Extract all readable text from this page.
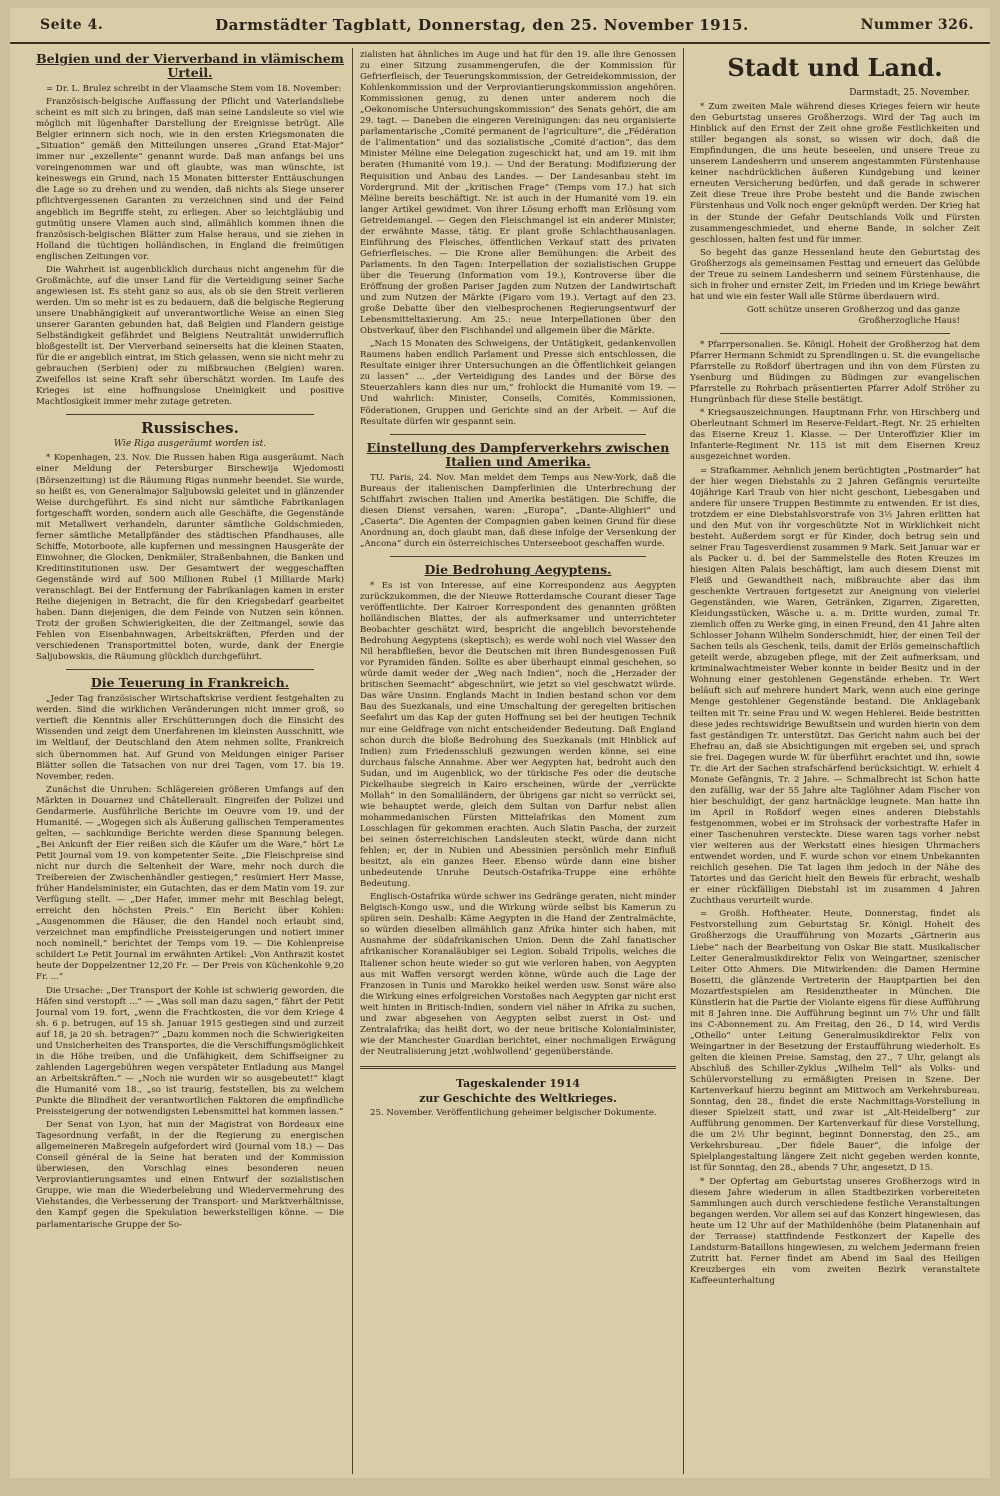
Seite 4.	Darmstädter Tagblatt, Donnerstag, den 25. November 1915.	Nummer 326.
Belgien und der Vierverband in vlämischem Urteil.

= Dr. L. Brulez schreibt in der Vlaamsche Stem vom 18. November:

Französisch-belgische Auffassung der Pflicht und Vaterlandsliebe scheint es mit sich zu bringen, daß man seine Landsleute so viel wie möglich mit lügenhafter Darstellung der Ereignisse betrügt. Alle Belgier erinnern sich noch, wie in den ersten Kriegsmonaten die „Situation“ gemäß den Mitteilungen unseres „Grand Etat-Major“ immer nur „exzellente“ genannt wurde. Daß man anfangs bei uns voreingenommen war und oft glaubte, was man wünschte, ist keineswegs ein Grund, nach 15 Monaten bitterster Enttäuschungen die Lage so zu drehen und zu wenden, daß nichts als Siege unserer pflichtvergessenen Garanten zu verzeichnen sind und der Feind angeblich im Begriffe steht, zu erliegen. Aber so leichtgläubig und gutmütig unsere Vlamen auch sind, allmählich kommen ihnen die französisch-belgischen Blätter zum Halse heraus, und sie ziehen in Holland die tüchtigen holländischen, in England die freimütigen englischen Zeitungen vor.

Die Wahrheit ist augenblicklich durchaus nicht angenehm für die Großmächte, auf die unser Land für die Verteidigung seiner Sache angewiesen ist. Es steht ganz so aus, als ob sie den Streit verlieren werden. Um so mehr ist es zu bedauern, daß die belgische Regierung unsere Unabhängigkeit auf unverantwortliche Weise an einen Sieg unserer Garanten gebunden hat, daß Belgien und Flandern geistige Selbständigkeit gefährdet und Belgiens Neutralität unwiderruflich bloßgestellt ist. Der Vierverband seinerseits hat die kleinen Staaten, für die er angeblich eintrat, im Stich gelassen, wenn sie nicht mehr zu gebrauchen (Serbien) oder zu mißbrauchen (Belgien) waren. Zweifellos ist seine Kraft sehr überschätzt worden. Im Laufe des Krieges ist eine hoffnungslose Uneinigkeit und positive Machtlosigkeit immer mehr zutage getreten.

Russisches.
Wie Riga ausgeräumt worden ist.

* Kopenhagen, 23. Nov. Die Russen haben Riga ausgeräumt. Nach einer Meldung der Petersburger Birschewija Wjedomosti (Börsenzeitung) ist die Räumung Rigas nunmehr beendet. Sie wurde, so heißt es, von Generalmajor Saljubowski geleitet und in glänzender Weise durchgeführt. Es sind nicht nur sämtliche Fabrikanlagen fortgeschafft worden, sondern auch alle Geschäfte, die Gegenstände mit Metallwert verhandeln, darunter sämtliche Goldschmieden, ferner sämtliche Metallpfänder des städtischen Pfandhauses, alle Schiffe, Motorboote, alle kupfernen und messingnen Hausgeräte der Einwohner, die Glocken, Denkmäler, Straßenbahnen, die Banken und Kreditinstitutionen usw. Der Gesamtwert der weggeschafften Gegenstände wird auf 500 Millionen Rubel (1 Milliarde Mark) veranschlagt. Bei der Entfernung der Fabrikanlagen kamen in erster Reihe diejenigen in Betracht, die für den Kriegsbedarf gearbeitet haben. Dann diejenigen, die dem Feinde von Nutzen sein können. Trotz der großen Schwierigkeiten, die der Zeitmangel, sowie das Fehlen von Eisenbahnwagen, Arbeitskräften, Pferden und der verschiedenen Transportmittel boten, wurde, dank der Energie Saljubowskis, die Räumung glücklich durchgeführt.

Die Teuerung in Frankreich.

„Jeder Tag französischer Wirtschaftskrise verdient festgehalten zu werden. Sind die wirklichen Veränderungen nicht immer groß, so vertieft die Kenntnis aller Erschütterungen doch die Einsicht des Wissenden und zeigt dem Unerfahrenen im kleinsten Ausschnitt, wie im Weltlauf, der Deutschland den Atem nehmen sollte, Frankreich sich übernommen hat. Auf Grund von Meldungen einiger Pariser Blätter sollen die Tatsachen von nur drei Tagen, vom 17. bis 19. November, reden.

Zunächst die Unruhen: Schlägereien größeren Umfangs auf den Märkten in Douarnez und Châtellerault. Eingreifen der Polizei und Gendarmerie. Ausführliche Berichte im Oeuvre vom 19. und der Humanité. — „Wogegen sich als Äußerung gallischen Temperamentes gelten, — sachkundige Berichte werden diese Spannung belegen. „Bei Ankunft der Eier reißen sich die Käufer um die Ware,“ hört Le Petit Journal vom 19. von kompetenter Seite. „Die Fleischpreise sind nicht nur durch die Seltenheit der Ware, mehr noch durch die Treibereien der Zwischenhändler gestiegen,“ resümiert Herr Masse, früher Handelsminister, ein Gutachten, das er dem Matin vom 19. zur Verfügung stellt. — „Der Hafer, immer mehr mit Beschlag belegt, erreicht den höchsten Preis.“ Ein Bericht über Kohlen: „Ausgenommen die Häuser, die den Handel noch erlaubt sind, verzeichnet man empfindliche Preissteigerungen und notiert immer noch nominell,“ berichtet der Temps vom 19. — Die Kohlenpreise schildert Le Petit Journal im erwähnten Artikel: „Von Anthrazit kostet heute der Doppelzentner 12,20 Fr. — Der Preis von Küchenkohle 9,20 Fr. ...“

Die Ursache: „Der Transport der Kohle ist schwierig geworden, die Häfen sind verstopft ...“ — „Was soll man dazu sagen,“ fährt der Petit Journal vom 19. fort, „wenn die Frachtkosten, die vor dem Kriege 4 sh. 6 p. betrugen, auf 15 sh. Januar 1915 gestiegen sind und zurzeit auf 18, ja 20 sh. betragen?“ „Dazu kommen noch die Schwierigkeiten und Unsicherheiten des Transportes, die die Verschiffungsmöglichkeit in die Höhe treiben, und die Unfähigkeit, dem Schiffseigner zu zahlenden Lagergebühren wegen verspäteter Entladung aus Mangel an Arbeitskräften.“ — „Noch nie wurden wir so ausgebeutet!“ klagt die Humanité vom 18., „so ist traurig, feststellen, bis zu welchem Punkte die Blindheit der verantwortlichen Faktoren die empfindliche Preissteigerung der notwendigsten Lebensmittel hat kommen lassen.“

Der Senat von Lyon, hat nun der Magistrat von Bordeaux eine Tagesordnung verfaßt, in der die Regierung zu energischen allgemeineren Maßregeln aufgefordert wird (Journal vom 18.) — Das Conseil général de la Seine hat beraten und der Kommission überwiesen, den Vorschlag eines besonderen neuen Verproviantierungsamtes und einen Entwurf der sozialistischen Gruppe, wie man die Wiederbelebung und Wiedervermehrung des Viehstandes, die Verbesserung der Transport- und Marktverhältnisse, den Kampf gegen die Spekulation bewerkstelligen könne. — Die parlamentarische Gruppe der So-

zialisten hat ähnliches im Auge und hat für den 19. alle ihre Genossen zu einer Sitzung zusammengerufen, die der Kommission für Gefrierfleisch, der Teuerungskommission, der Getreidekommission, der Kohlenkommission und der Verproviantierungskommission angehören. Kommissionen genug, zu denen unter anderem noch die „Oekonomische Untersuchungskommission“ des Senats gehört, die am 29. tagt. — Daneben die eingeren Vereinigungen: das neu organisierte parlamentarische „Comité permanent de l’agriculture“, die „Fédération de l’alimentation“ und das sozialistische „Comité d’action“, das dem Minister Méline eine Delegation zugeschickt hat, und am 19. mit ihm beraten (Humanité vom 19.). — Und der Beratung: Modifizierung der Requisition und Anbau des Landes. — Der Landesanbau steht im Vordergrund. Mit der „kritischen Frage“ (Temps vom 17.) hat sich Méline bereits beschäftigt. Nr. ist auch in der Humanité vom 19. ein langer Artikel gewidmet. Von ihrer Lösung erhofft man Erlösung vom Getreidemangel. — Gegen den Fleischmangel ist ein anderer Minister, der erwähnte Masse, tätig. Er plant große Schlachthausanlagen. Einführung des Fleisches, öffentlichen Verkauf statt des privaten Gefrierfleisches. — Die Krone aller Bemühungen: die Arbeit des Parlaments. In den Tagen: Interpellation der sozialistischen Gruppe über die Teuerung (Information vom 19.), Kontroverse über die Eröffnung der großen Pariser Jagden zum Nutzen der Landwirtschaft und zum Nutzen der Märkte (Figaro vom 19.). Vertagt auf den 23. große Debatte über den vielbesprochenen Regierungsentwurf der Lebensmitteltaxierung. Am 25.: neue Interpellationen über den Obstverkauf, über den Fischhandel und allgemein über die Märkte.

„Nach 15 Monaten des Schweigens, der Untätigkeit, gedankenvollen Raumens haben endlich Parlament und Presse sich entschlossen, die Resultate einiger ihrer Untersuchungen an die Öffentlichkeit gelangen zu lassen“ ... „der Verteidigung des Landes und der Börse des Steuerzahlers kann dies nur um,“ frohlockt die Humanité vom 19. — Und wahrlich: Minister, Conseils, Comités, Kommissionen, Föderationen, Gruppen und Gerichte sind an der Arbeit. — Auf die Resultate dürfen wir gespannt sein.

Einstellung des Dampferverkehrs zwischen Italien und Amerika.

TU. Paris, 24. Nov. Man meldet dem Temps aus New-York, daß die Bureaus der italienischen Dampferlinien die Unterbrechung der Schiffahrt zwischen Italien und Amerika bestätigen. Die Schiffe, die diesen Dienst versahen, waren: „Europa“, „Dante-Alighieri“ und „Caserta“. Die Agenten der Compagnien gaben keinen Grund für diese Anordnung an, doch glaubt man, daß diese infolge der Versenkung der „Ancona“ durch ein österreichisches Unterseeboot geschaffen wurde.

Die Bedrohung Aegyptens.

* Es ist von Interesse, auf eine Korrespondenz aus Aegypten zurückzukommen, die der Nieuwe Rotterdamsche Courant dieser Tage veröffentlichte. Der Kairoer Korrespondent des genannten größten holländischen Blattes, der als aufmerksamer und unterrichteter Beobachter geschätzt wird, bespricht die angeblich bevorstehende Bedrohung Aegyptens (skeptisch); es werde wohl noch viel Wasser den Nil herabfließen, bevor die Deutschen mit ihren Bundesgenossen Fuß vor Pyramiden fänden. Sollte es aber überhaupt einmal geschehen, so würde damit weder der „Weg nach Indien“, noch die „Herzader der britischen Seemacht“ abgeschnürt, wie jetzt so viel geschwatzt würde. Das wäre Unsinn. Englands Macht in Indien bestand schon vor dem Bau des Suezkanals, und eine Umschaltung der geregelten britischen Seefahrt um das Kap der guten Hoffnung sei bei der heutigen Technik nur eine Geldfrage von nicht entscheidender Bedeutung. Daß England schon durch die bloße Bedrohung des Suezkanals (mit Hinblick auf Indien) zum Friedensschluß gezwungen werden könne, sei eine durchaus falsche Annahme. Aber wer Aegypten hat, bedroht auch den Sudan, und im Augenblick, wo der türkische Fes oder die deutsche Pickelhaube siegreich in Kairo erscheinen, würde der „verrückte Mollah“ in den Somaliländern, der übrigens gar nicht so verrückt sei, wie behauptet werde, gleich dem Sultan von Darfur nebst allen mohammedanischen Fürsten Mittelafrikas den Moment zum Losschlagen für gekommen erachten. Auch Slatin Pascha, der zurzeit bei seinen österreichischen Landsleuten steckt, würde dann nicht fehlen; er, der in Nubien und Abessinien persönlich mehr Einfluß besitzt, als ein ganzes Heer. Ebenso würde dann eine bisher unbedeutende Unruhe Deutsch-Ostafrika-Truppe eine erhöhte Bedeutung.

Englisch-Ostafrika würde schwer ins Gedränge geraten, nicht minder Belgisch-Kongo usw., und die Wirkung würde selbst bis Kamerun zu spüren sein. Deshalb: Käme Aegypten in die Hand der Zentralmächte, so würden dieselben allmählich ganz Afrika hinter sich haben, mit Ausnahme der südafrikanischen Union. Denn die Zahl fanatischer afrikanischer Koranaläubiger sei Legion. Sobald Tripolis, welches die Italiener schon heute wieder so gut wie verloren haben, von Aegypten aus mit Waffen versorgt werden könne, würde auch die Lage der Franzosen in Tunis und Marokko heikel werden usw. Sonst wäre also die Wirkung eines erfolgreichen Vorstoßes nach Aegypten gar nicht erst weit hinten in Britisch-Indien, sondern viel näher in Afrika zu suchen, und zwar abgesehen von Aegypten selbst zuerst in Ost- und Zentralafrika; das heißt dort, wo der neue britische Kolonialminister, wie der Manchester Guardian berichtet, einer nochmaligen Erwägung der Neutralisierung jetzt ‚wohlwollend‘ gegenüberstände.

Tageskalender 1914
zur Geschichte des Weltkrieges.

25. November. Veröffentlichung geheimer belgischer Dokumente.

Stadt und Land.
Darmstadt, 25. November.

* Zum zweiten Male während dieses Krieges feiern wir heute den Geburtstag unseres Großherzogs. Wird der Tag auch im Hinblick auf den Ernst der Zeit ohne große Festlichkeiten und stiller begangen als sonst, so wissen wir doch, daß die Empfindungen, die uns heute beseelen, und unsere Treue zu unserem Landesherrn und unserem angestammten Fürstenhause keiner nachdrücklichen äußeren Kundgebung und keiner erneuten Versicherung bedürfen, und daß gerade in schwerer Zeit diese Treue ihre Probe besteht und die Bande zwischen Fürstenhaus und Volk noch enger geknüpft werden. Der Krieg hat in der Stunde der Gefahr Deutschlands Volk und Fürsten zusammengeschmiedet, und eherne Bande, in solcher Zeit geschlossen, halten fest und für immer.

So begeht das ganze Hessenland heute den Geburtstag des Großherzogs als gemeinsamen Festtag und erneuert das Gelübde der Treue zu seinem Landesherrn und seinem Fürstenhause, die sich in froher und ernster Zeit, im Frieden und im Kriege bewährt hat und wie ein fester Wall alle Stürme überdauern wird.

Gott schütze unseren Großherzog und das ganze Großherzogliche Haus!

* Pfarrpersonalien. Se. Königl. Hoheit der Großherzog hat dem Pfarrer Hermann Schmidt zu Sprendlingen u. St. die evangelische Pfarrstelle zu Roßdorf übertragen und ihn von dem Fürsten zu Ysenburg und Büdingen zu Büdingen zur evangelischen Pfarrstelle zu Rohrbach präsentierten Pfarrer Adolf Ströher zu Hungrünbach für diese Stelle bestätigt.

* Kriegsauszeichnungen. Hauptmann Frhr. von Hirschberg und Oberleutnant Schmerl im Reserve-Feldart.-Regt. Nr. 25 erhielten das Eiserne Kreuz 1. Klasse. — Der Unteroffizier Klier im Infanterie-Regiment Nr. 115 ist mit dem Eisernen Kreuz ausgezeichnet worden.

= Strafkammer. Aehnlich jenem berüchtigten „Postmarder“ hat der hier wegen Diebstahls zu 2 Jahren Gefängnis verurteilte 40jährige Karl Traub von hier nicht geschont, Liebesgaben und andere für unsere Truppen Bestimmte zu entwenden. Er ist dies, trotzdem er eine Diebstahlsvorstrafe von 3½ Jahren erlitten hat und den Mut von ihr vorgeschützte Not in Wirklichkeit nicht besteht. Außerdem sorgt er für Kinder, doch betrug sein und seiner Frau Tagesverdienst zusammen 9 Mark. Seit Januar war er als Packer u. d. bei der Sammelstelle des Roten Kreuzes im hiesigen Alten Palais beschäftigt, lam auch diesem Dienst mit Fleiß und Gewandtheit nach, mißbrauchte aber das ihm geschenkte Vertrauen fortgesetzt zur Aneignung von vielerlei Gegenständen, wie Waren, Getränken, Zigarren, Zigaretten, Kleidungsstücken, Wäsche u. a. m. Dritte wurden, zumal Tr. ziemlich offen zu Werke ging, in einen Freund, den 41 Jahre alten Schlosser Johann Wilhelm Sonderschmidt, hier, der einen Teil der Sachen teils als Geschenk, teils, damit der Erlös gemeinschaftlich geteilt werde, abzugeben pflege, mit der Zeit aufmerksam, und kriminalwachtmeister Weber konnte in beider Besitz und in der Wohnung einer gestohlenen Gegenstände erheben. Tr. Wert beläuft sich auf mehrere hundert Mark, wenn auch eine geringe Menge gestohlener Gegenstände bestand. Die Anklagebank teilten mit Tr. seine Frau und W. wegen Hehlerei. Beide bestritten diese jedes rechtswidrige Bewußtsein und wurden hierin von dem fast geständigen Tr. unterstützt. Das Gericht nahm auch bei der Ehefrau an, daß sie Absichtigungen mit ergeben sei, und sprach sie frei. Dagegen wurde W. für überführt erachtet und ihn, sowie Tr. die Art der Sachen strafschärfend berücksichtigt. W. erhielt 4 Monate Gefängnis, Tr. 2 Jahre. — Schmalbrecht ist Schon hatte den zufällig, war der 55 Jahre alte Taglöhner Adam Fischer von hier beschuldigt, der ganz hartnäckige leugnete. Man hatte ihn im April in Roßdorf wegen eines anderen Diebstahls festgenommen, wobei er im Strohsack der vorbestrafte Hafer in einer Taschenuhren versteckte. Diese waren tags vorher nebst vier weiteren aus der Werkstatt eines hiesigen Uhrmachers entwendet worden, und F. wurde schon vor einem Unbekannten reichlich gesehen. Die Tat lagen ihm jedoch in der Nähe des Tatortes und das Gericht hielt den Beweis für erbracht, weshalb er einer rückfälligen Diebstahl ist im zusammen 4 Jahren Zuchthaus verurteilt wurde.

= Großh. Hoftheater. Heute, Donnerstag, findet als Festvorstellung zum Geburtstag Sr. Königl. Hoheit des Großherzogs die Uraufführung von Mozarts „Gärtnerin aus Liebe“ nach der Bearbeitung von Oskar Bie statt. Musikalischer Leiter Generalmusikdirektor Felix von Weingartner, szenischer Leiter Otto Ahmers. Die Mitwirkenden: die Damen Hermine Bosetti, die glänzende Vertreterin der Hauptpartien bei den Mozartfestspielen am Residenztheater in München. Die Künstlerin hat die Partie der Violante eigens für diese Aufführung mit 8 Jahren inne. Die Aufführung beginnt um 7½ Uhr und fällt ins C-Abonnement zu. Am Freitag, den 26., D 14, wird Verdis „Othello“ unter Leitung Generalmusikdirektor Felix von Weingartner in der Besetzung der Erstaufführung wiederholt. Es gelten die kleinen Preise. Samstag, den 27., 7 Uhr, gelangt als Abschluß des Schiller-Zyklus „Wilhelm Tell“ als Volks- und Schülervorstellung zu ermäßigten Preisen in Szene. Der Kartenverkauf hierzu beginnt am Mittwoch am Verkehrsbureau. Sonntag, den 28., findet die erste Nachmittags-Vorstellung in dieser Spielzeit statt, und zwar ist „Alt-Heidelberg“ zur Aufführung genommen. Der Kartenverkauf für diese Vorstellung, die um 2½ Uhr beginnt, beginnt Donnerstag, den 25., am Verkehrsbureau. „Der fidele Bauer“, die infolge der Spielplangestaltung längere Zeit nicht gegeben werden konnte, ist für Sonntag, den 28., abends 7 Uhr, angesetzt, D 15.

* Der Opfertag am Geburtstag unseres Großherzogs wird in diesem Jahre wiederum in allen Stadtbezirken vorbereiteten Sammlungen auch durch verschiedene festliche Veranstaltungen begangen werden. Vor allem sei auf das Konzert hingewiesen, das heute um 12 Uhr auf der Mathildenhöhe (beim Platanenhain auf der Terrasse) stattfindende Festkonzert der Kapelle des Landsturm-Bataillons hingewiesen, zu welchem Jedermann freien Zutritt hat. Ferner findet am Abend im Saal des Heiligen Kreuzberges ein vom zweiten Bezirk veranstaltete Kaffeeunterhaltung
